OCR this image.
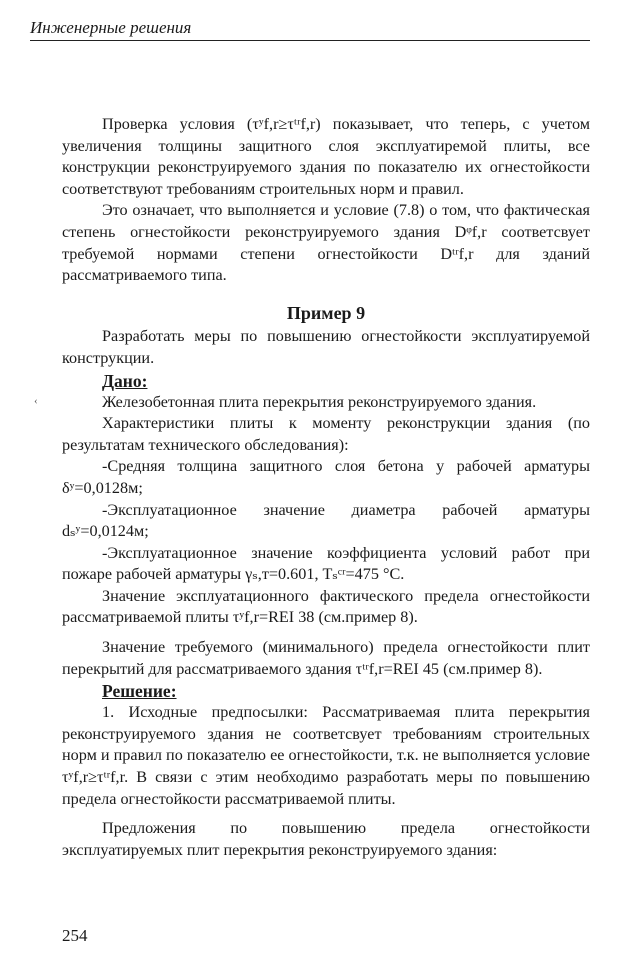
Инженерные решения
‹

Проверка условия (τʸf,r≥τᵗʳf,r) показывает, что теперь, с учетом увеличения толщины защитного слоя эксплуатиремой плиты, все конструкции реконструируемого здания по показателю их огнестойкости соответствуют требованиям строительных норм и правил.

Это означает, что выполняется и условие (7.8) о том, что фактическая степень огнестойкости реконструируемого здания Dᵠf,r соответсвует требуемой нормами степени огнестойкости Dᵗʳf,r для зданий рассматриваемого типа.

Пример 9

Разработать меры по повышению огнестойкости эксплуатируемой конструкции.

Дано:

Железобетонная плита перекрытия реконструируемого здания.

Характеристики плиты к моменту реконструкции здания (по результатам технического обследования):

-Средняя толщина защитного слоя бетона у рабочей арматуры δʸ=0,0128м;

-Эксплуатационное значение диаметра рабочей арматуры dₛʸ=0,0124м;

-Эксплуатационное значение коэффициента условий работ при пожаре рабочей арматуры γₛ,т=0.601, Tₛᶜʳ=475 °С.

Значение эксплуатационного фактического предела огнестойкости рассматриваемой плиты τʸf,r=REI 38 (см.пример 8).

Значение требуемого (минимального) предела огнестойкости плит перекрытий для рассматриваемого здания τᵗʳf,r=REI 45 (см.пример 8).

Решение:

1. Исходные предпосылки: Рассматриваемая плита перекрытия реконструируемого здания не соответсвует требованиям строительных норм и правил по показателю ее огнестойкости, т.к. не выполняется условие τʸf,r≥τᵗʳf,r. В связи с этим необходимо разработать меры по повышению предела огнестойкости рассматриваемой плиты.

Предложения по повышению предела огнестойкости эксплуатируемых плит перекрытия реконструируемого здания:

254
